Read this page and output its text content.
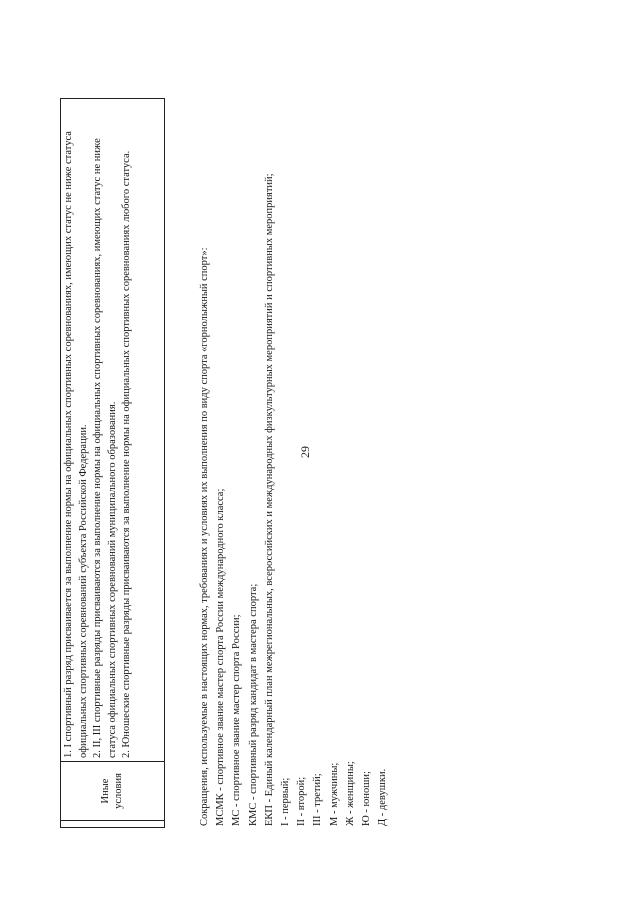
29
Иные условия

1. I спортивный разряд присваивается за выполнение нормы на официальных спортивных соревнованиях, имеющих статус не ниже статуса официальных спортивных соревнований субъекта Российской Федерации. 2. II, III спортивные разряды присваиваются за выполнение нормы на официальных спортивных соревнованиях, имеющих статус не ниже статуса официальных спортивных соревнований муниципального образования. 2. Юношеские спортивные разряды присваиваются за выполнение нормы на официальных спортивных соревнованиях любого статуса.	Сокращения, используемые в настоящих нормах, требованиях и условиях их выполнения по виду спорта «горнолыжный спорт»: МСМК - спортивное звание мастер спорта России международного класса; МС - спортивное звание мастер спорта России; КМС - спортивный разряд кандидат в мастера спорта; ЕКП - Единый календарный план межрегиональных, всероссийских и международных физкультурных мероприятий и спортивных мероприятий; I - первый; II - второй; III - третий; М - мужчины; Ж - женщины; Ю - юноши; Д - девушки.
